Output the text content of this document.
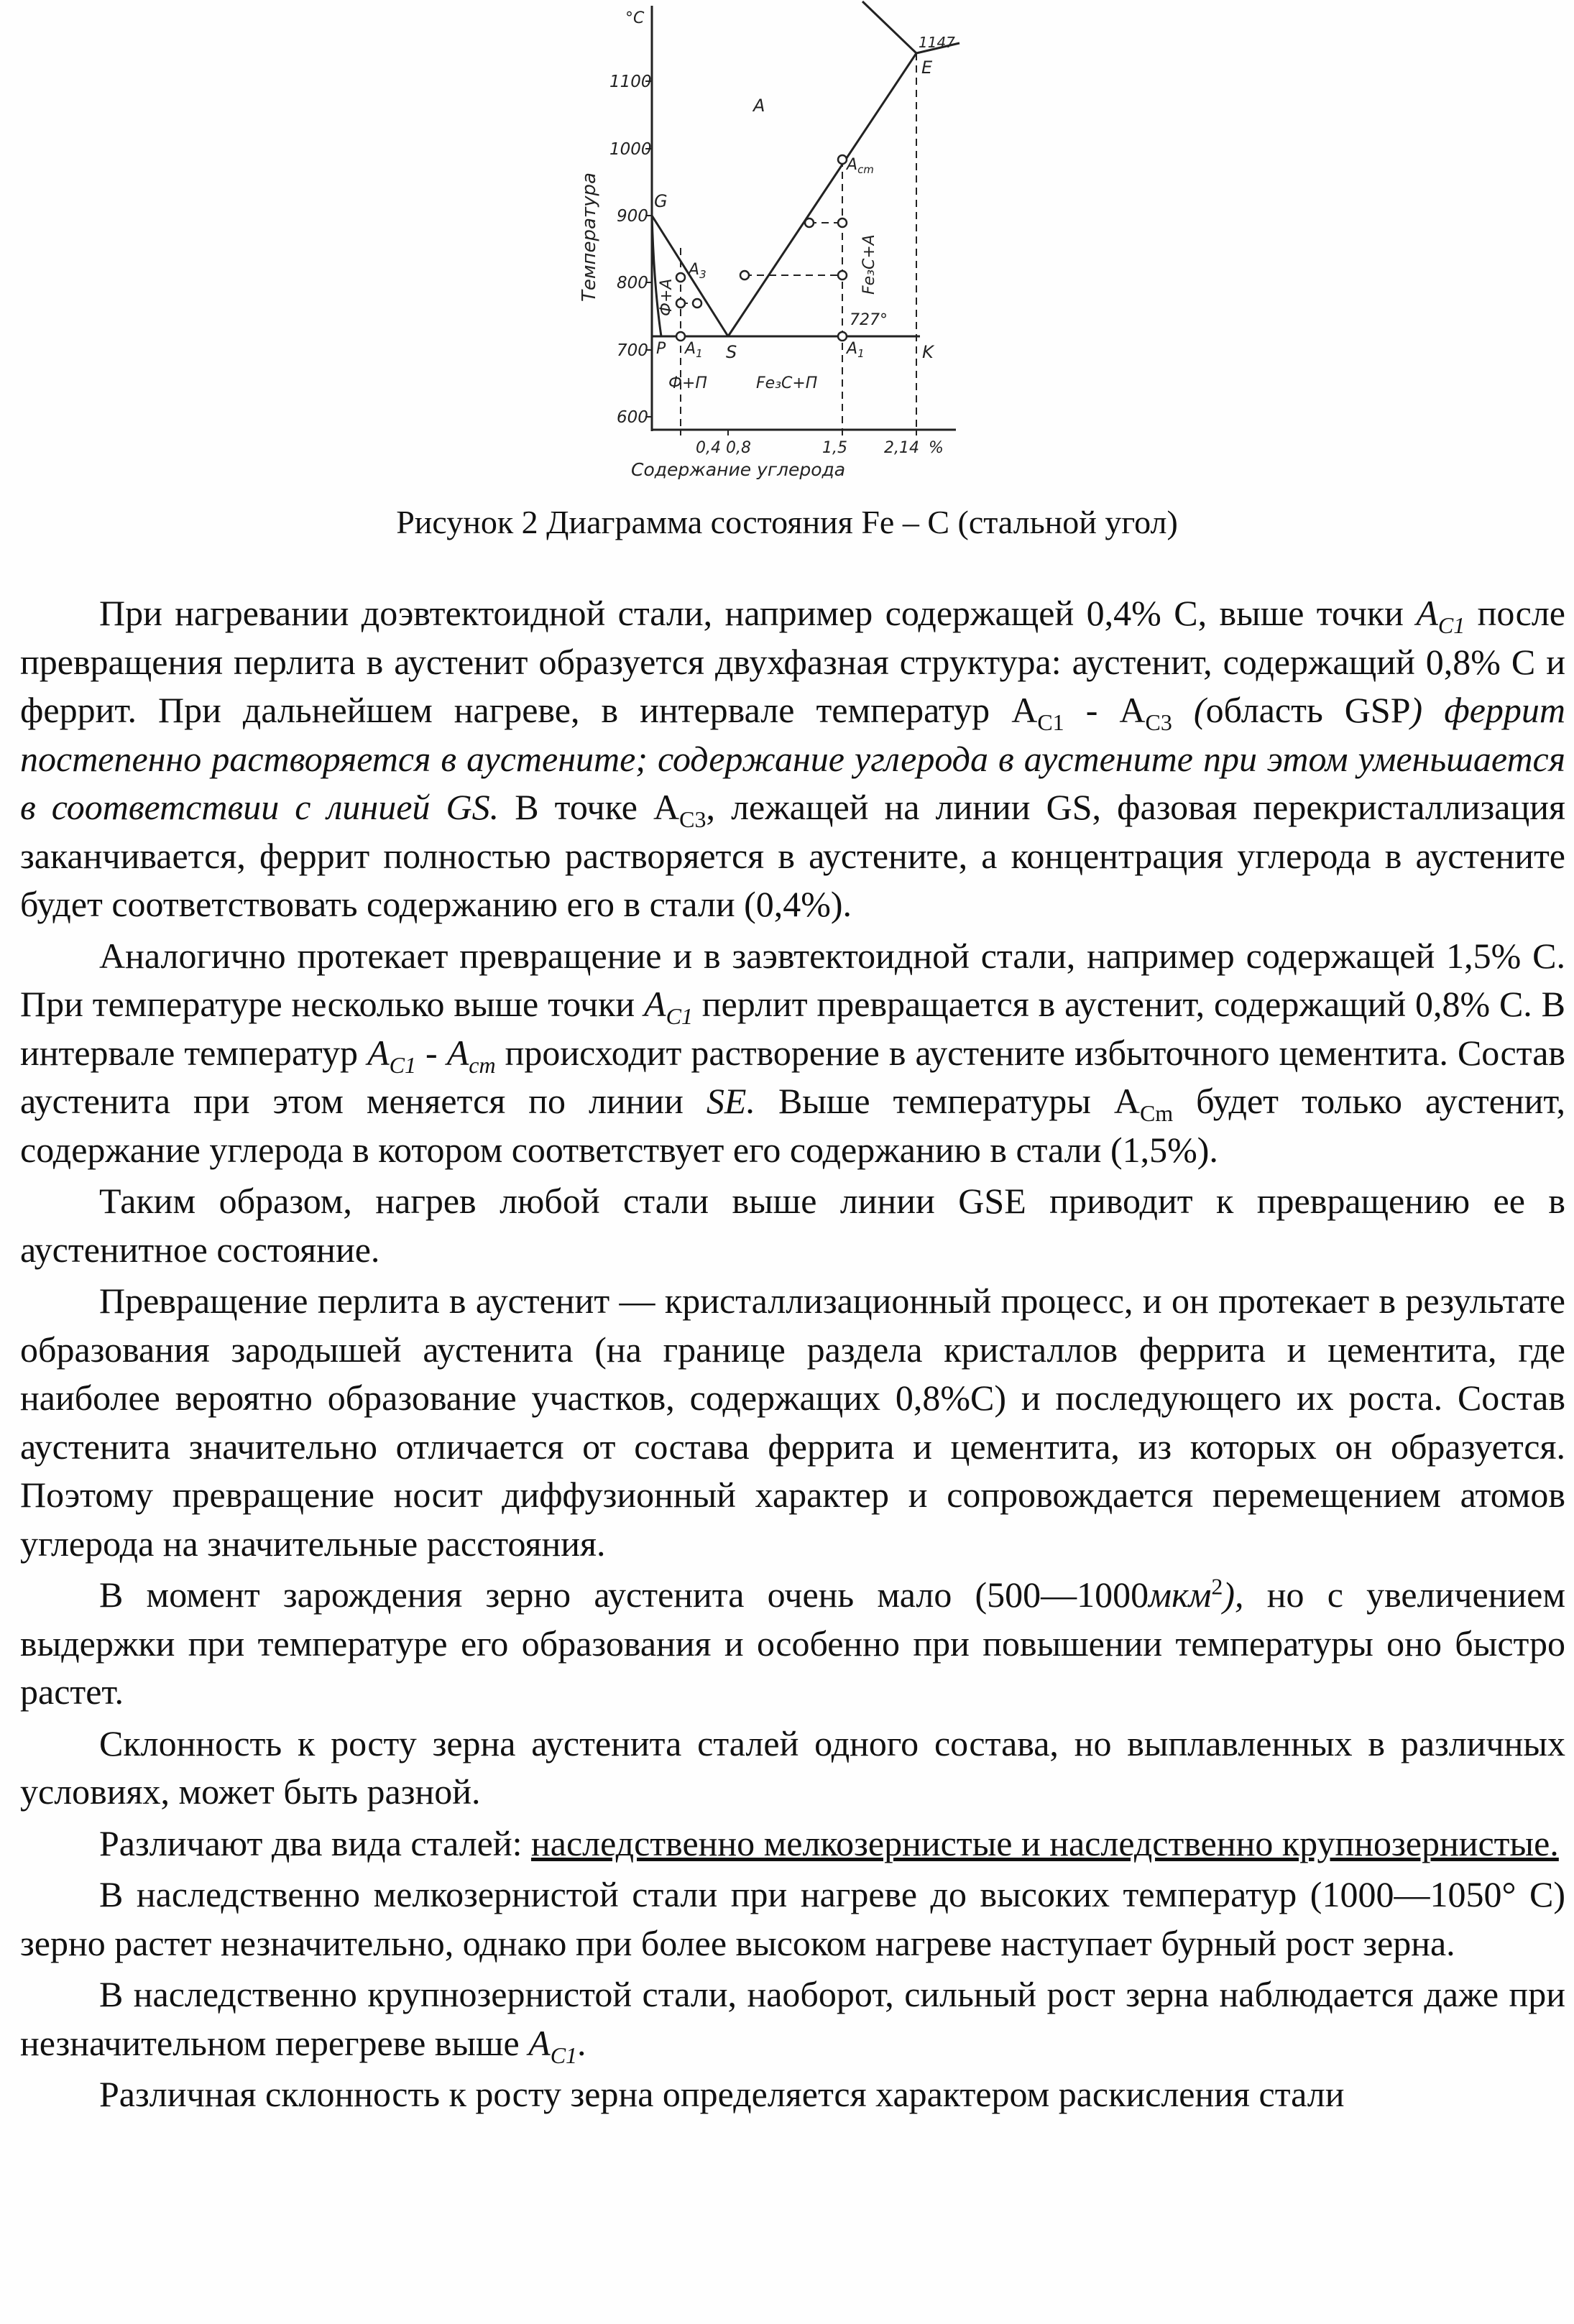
°C
1100
1000
900
800
700
600
Температура	G
P	S	K
E
1147
727°
$A_3$
$A_1$	$A_1$
$A_{cm}$
A
Ф+А
Ф+П	Fe₃C+П
Fe₃C+A
0,4 0,8	1,5 2,14 %
Содержание углерода
Рисунок 2 Диаграмма состояния Fe – C (стальной угол)

При нагревании доэвтектоидной стали, например содержащей 0,4% С, выше точки $A_{C1}$ после превращения перлита в аустенит образуется двухфазная структура: аустенит, содержащий 0,8% С и феррит. При дальнейшем нагреве, в интервале температур $А_{С1} - А_{С3}$ (область GSP) феррит постепенно растворяется в аустените; содержание углерода в аустените при этом уменьшается в соответствии с линией GS. В точке $А_{С3}$, лежащей на линии GS, фазовая перекристаллизация заканчивается, феррит полностью растворяется в аустените, а концентрация углерода в аустените будет соответствовать содержанию его в стали (0,4%).

Аналогично протекает превращение и в заэвтектоидной стали, например содержащей 1,5% С. При температуре несколько выше точки $A_{C1}$ перлит превращается в аустенит, содержащий 0,8% С. В интервале температур $A_{C1} - A_{cm}$ происходит растворение в аустените избыточного цементита. Состав аустенита при этом меняется по линии SE. Выше температуры $А_{Cm}$ будет только аустенит, содержание углерода в котором соответствует его содержанию в стали (1,5%).

Таким образом, нагрев любой стали выше линии GSE приводит к превращению ее в аустенитное состояние.

Превращение перлита в аустенит — кристаллизационный процесс, и он протекает в результате образования зародышей аустенита (на границе раздела кристаллов феррита и цементита, где наиболее вероятно образование участков, содержащих 0,8%С) и последующего их роста. Состав аустенита значительно отличается от состава феррита и цементита, из которых он образуется. Поэтому превращение носит диффузионный характер и сопровождается перемещением атомов углерода на значительные расстояния.

В момент зарождения зерно аустенита очень мало (500—1000мкм$^2$), но с увеличением выдержки при температуре его образования и особенно при повышении температуры оно быстро растет.

Склонность к росту зерна аустенита сталей одного состава, но выплавленных в различных условиях, может быть разной.

Различают два вида сталей: наследственно мелкозернистые и наследственно крупнозернистые.

В наследственно мелкозернистой стали при нагреве до высоких температур (1000—1050° С) зерно растет незначительно, однако при более высоком нагреве наступает бурный рост зерна.

В наследственно крупнозернистой стали, наоборот, сильный рост зерна наблюдается даже при незначительном перегреве выше $A_{C1}$.

Различная склонность к росту зерна определяется характером раскисления стали
